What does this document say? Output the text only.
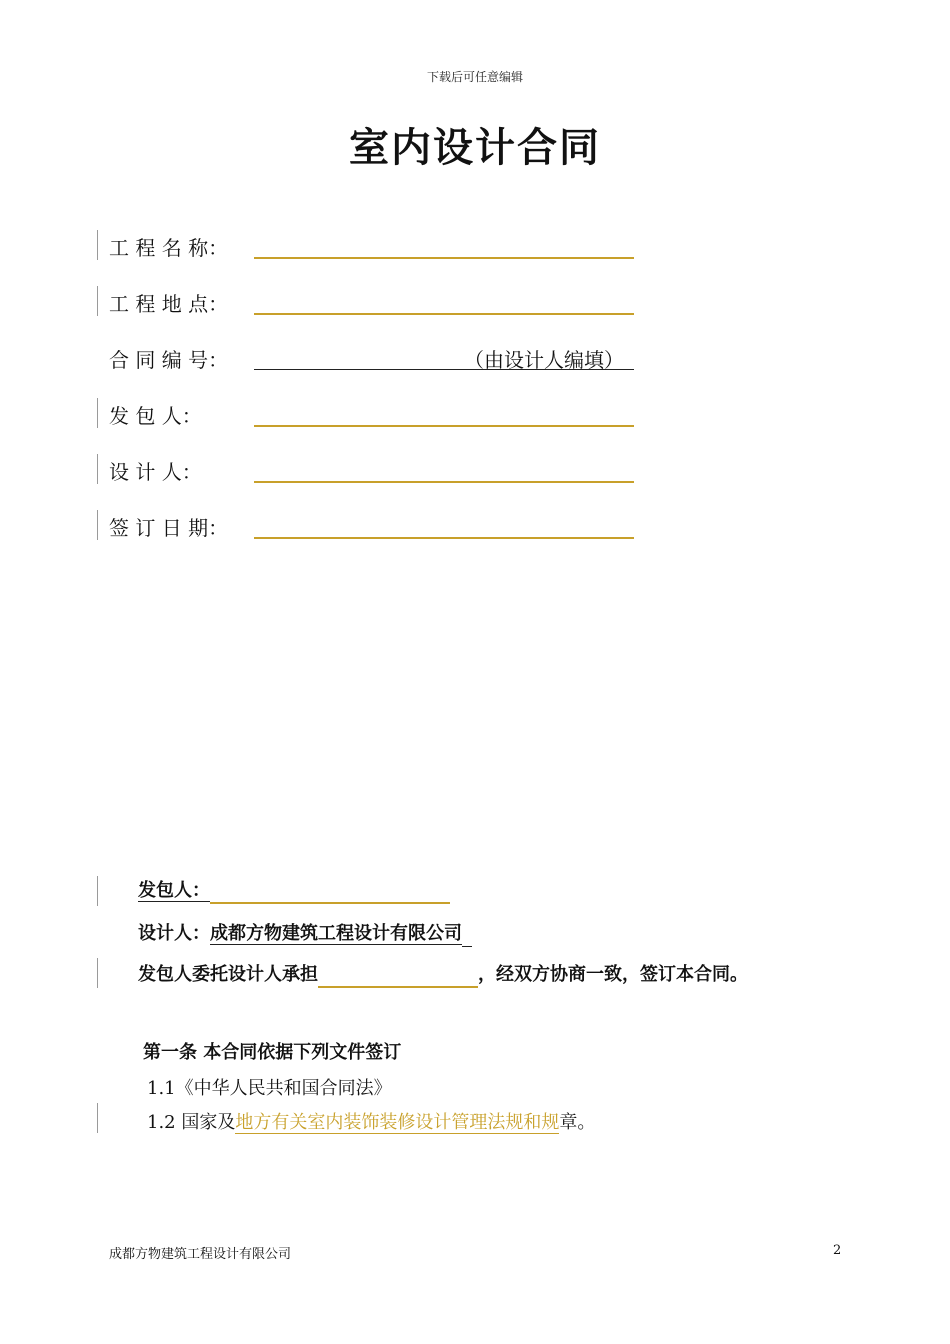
下载后可任意编辑
室内设计合同
工 程 名 称：
工 程 地 点：
合 同 编 号：	（由设计人编填）
发 包 人：
设 计 人：
签 订 日 期：
发包人：
设计人：成都方物建筑工程设计有限公司
发包人委托设计人承担	，经双方协商一致，签订本合同。
第一条 本合同依据下列文件签订
1.1《中华人民共和国合同法》
1.2 国家及地方有关室内装饰装修设计管理法规和规章。
成都方物建筑工程设计有限公司	2
